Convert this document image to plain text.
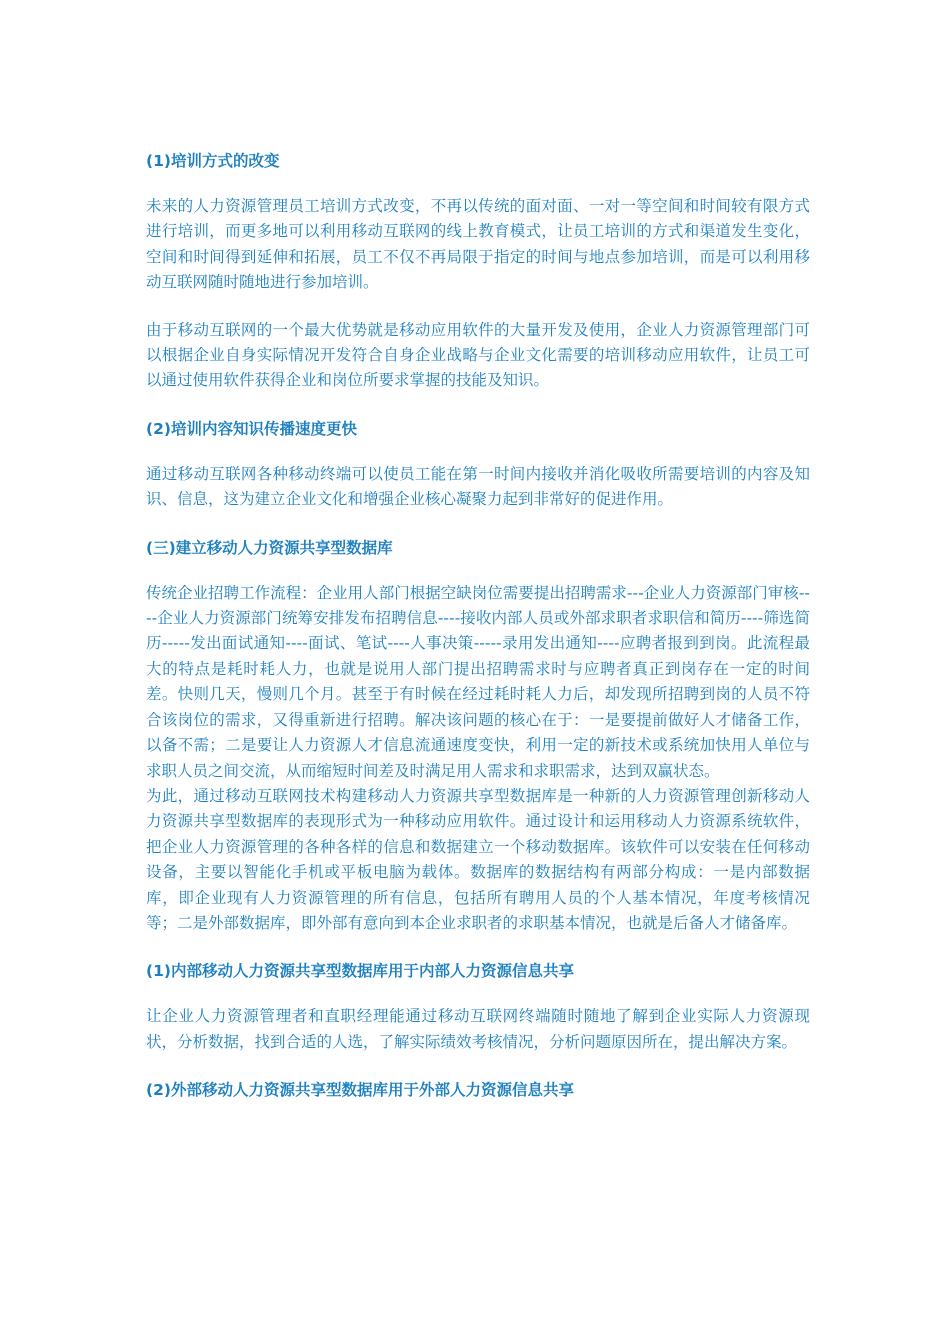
(1)培训方式的改变

未来的人力资源管理员工培训方式改变，不再以传统的面对面、一对一等空间和时间较有限方式进行培训，而更多地可以利用移动互联网的线上教育模式，让员工培训的方式和渠道发生变化，空间和时间得到延伸和拓展，员工不仅不再局限于指定的时间与地点参加培训，而是可以利用移动互联网随时随地进行参加培训。

由于移动互联网的一个最大优势就是移动应用软件的大量开发及使用，企业人力资源管理部门可以根据企业自身实际情况开发符合自身企业战略与企业文化需要的培训移动应用软件，让员工可以通过使用软件获得企业和岗位所要求掌握的技能及知识。

(2)培训内容知识传播速度更快

通过移动互联网各种移动终端可以使员工能在第一时间内接收并消化吸收所需要培训的内容及知识、信息，这为建立企业文化和增强企业核心凝聚力起到非常好的促进作用。

(三)建立移动人力资源共享型数据库

传统企业招聘工作流程：企业用人部门根据空缺岗位需要提出招聘需求---企业人力资源部门审核----企业人力资源部门统筹安排发布招聘信息----接收内部人员或外部求职者求职信和简历----筛选简历-----发出面试通知----面试、笔试----人事决策-----录用发出通知----应聘者报到到岗。此流程最大的特点是耗时耗人力，也就是说用人部门提出招聘需求时与应聘者真正到岗存在一定的时间差。快则几天，慢则几个月。甚至于有时候在经过耗时耗人力后，却发现所招聘到岗的人员不符合该岗位的需求，又得重新进行招聘。解决该问题的核心在于：一是要提前做好人才储备工作，以备不需；二是要让人力资源人才信息流通速度变快，利用一定的新技术或系统加快用人单位与求职人员之间交流，从而缩短时间差及时满足用人需求和求职需求，达到双赢状态。

为此，通过移动互联网技术构建移动人力资源共享型数据库是一种新的人力资源管理创新移动人力资源共享型数据库的表现形式为一种移动应用软件。通过设计和运用移动人力资源系统软件，把企业人力资源管理的各种各样的信息和数据建立一个移动数据库。该软件可以安装在任何移动设备，主要以智能化手机或平板电脑为载体。数据库的数据结构有两部分构成：一是内部数据库，即企业现有人力资源管理的所有信息，包括所有聘用人员的个人基本情况，年度考核情况等；二是外部数据库，即外部有意向到本企业求职者的求职基本情况，也就是后备人才储备库。

(1)内部移动人力资源共享型数据库用于内部人力资源信息共享

让企业人力资源管理者和直职经理能通过移动互联网终端随时随地了解到企业实际人力资源现状，分析数据，找到合适的人选，了解实际绩效考核情况，分析问题原因所在，提出解决方案。

(2)外部移动人力资源共享型数据库用于外部人力资源信息共享
